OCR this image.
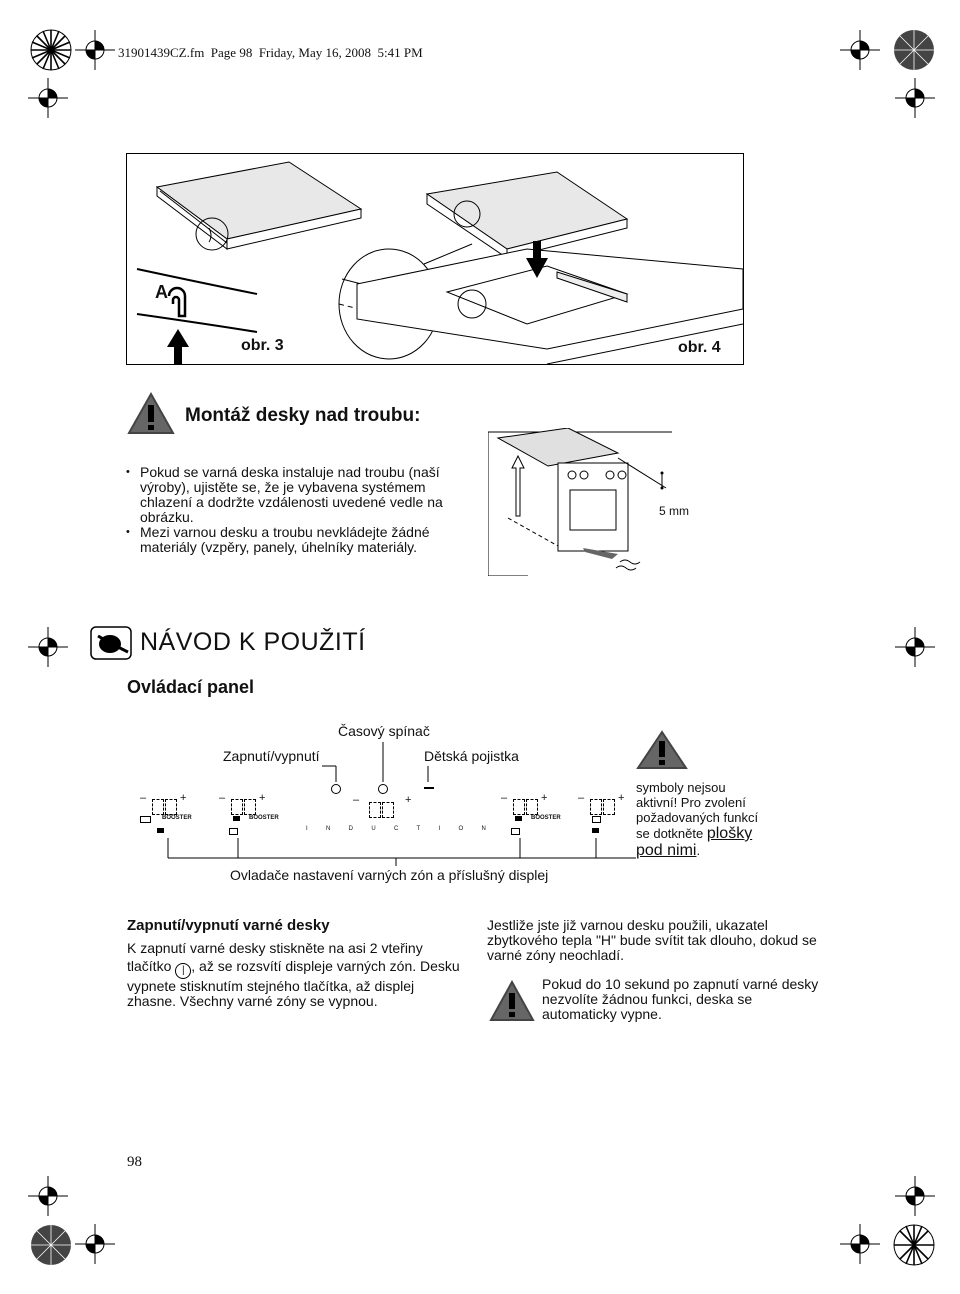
31901439CZ.fm  Page 98  Friday, May 16, 2008  5:41 PM
A
obr. 3	obr. 4
Montáž desky nad troubu:
• Pokud se varná deska instaluje nad troubu (naší výroby), ujistěte se, že je vybavena systémem chlazení a dodržte vzdálenosti uvedené vedle na obrázku.
• Mezi varnou desku a troubu nevkládejte žádné materiály (vzpěry, panely, úhelníky materiály.
5 mm
NÁVOD K POUŽITÍ
Ovládací panel
Časový spínač
Zapnutí/vypnutí	Dětská pojistka
–	+
BOOSTER
–	+
BOOSTER
–	+
I  N  D  U  C  T  I  O  N
–	+
BOOSTER
–	+
Ovladače nastavení varných zón a příslušný displej
symboly nejsou aktivní! Pro zvolení požadovaných funkcí se dotkněte plošky pod nimi.
Zapnutí/vypnutí varné desky
K zapnutí varné desky stiskněte na asi 2 vteřiny
tlačítko | , až se rozsvítí displeje varných zón. Desku vypnete stisknutím stejného tlačítka, až displej zhasne. Všechny varné zóny se vypnou.
Jestliže jste již varnou desku použili, ukazatel zbytkového tepla "H" bude svítit tak dlouho, dokud se varné zóny neochladí.
Pokud do 10 sekund po zapnutí varné desky nezvolíte žádnou funkci, deska se automaticky vypne.
98
